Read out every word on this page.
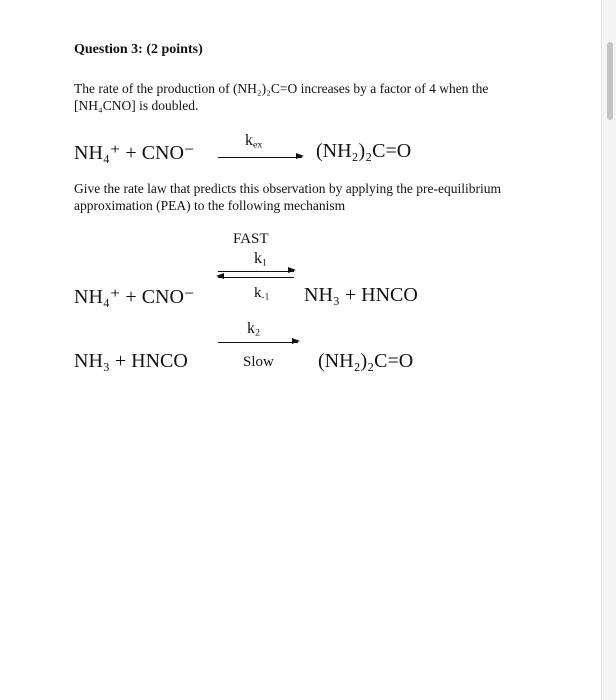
Question 3: (2 points)
The rate of the production of (NH₂)₂C=O increases by a factor of 4 when the
[NH₄CNO] is doubled.
NH₄⁺ + CNO⁻
$k_{ex}$	(NH₂)₂C=O
Give the rate law that predicts this observation by applying the pre-equilibrium
approximation (PEA) to the following mechanism
FAST
$k_1$
NH₄⁺ + CNO⁻	$k_{-1}$ NH₃ + HNCO
$k_2$
NH₃ + HNCO	Slow (NH₂)₂C=O
